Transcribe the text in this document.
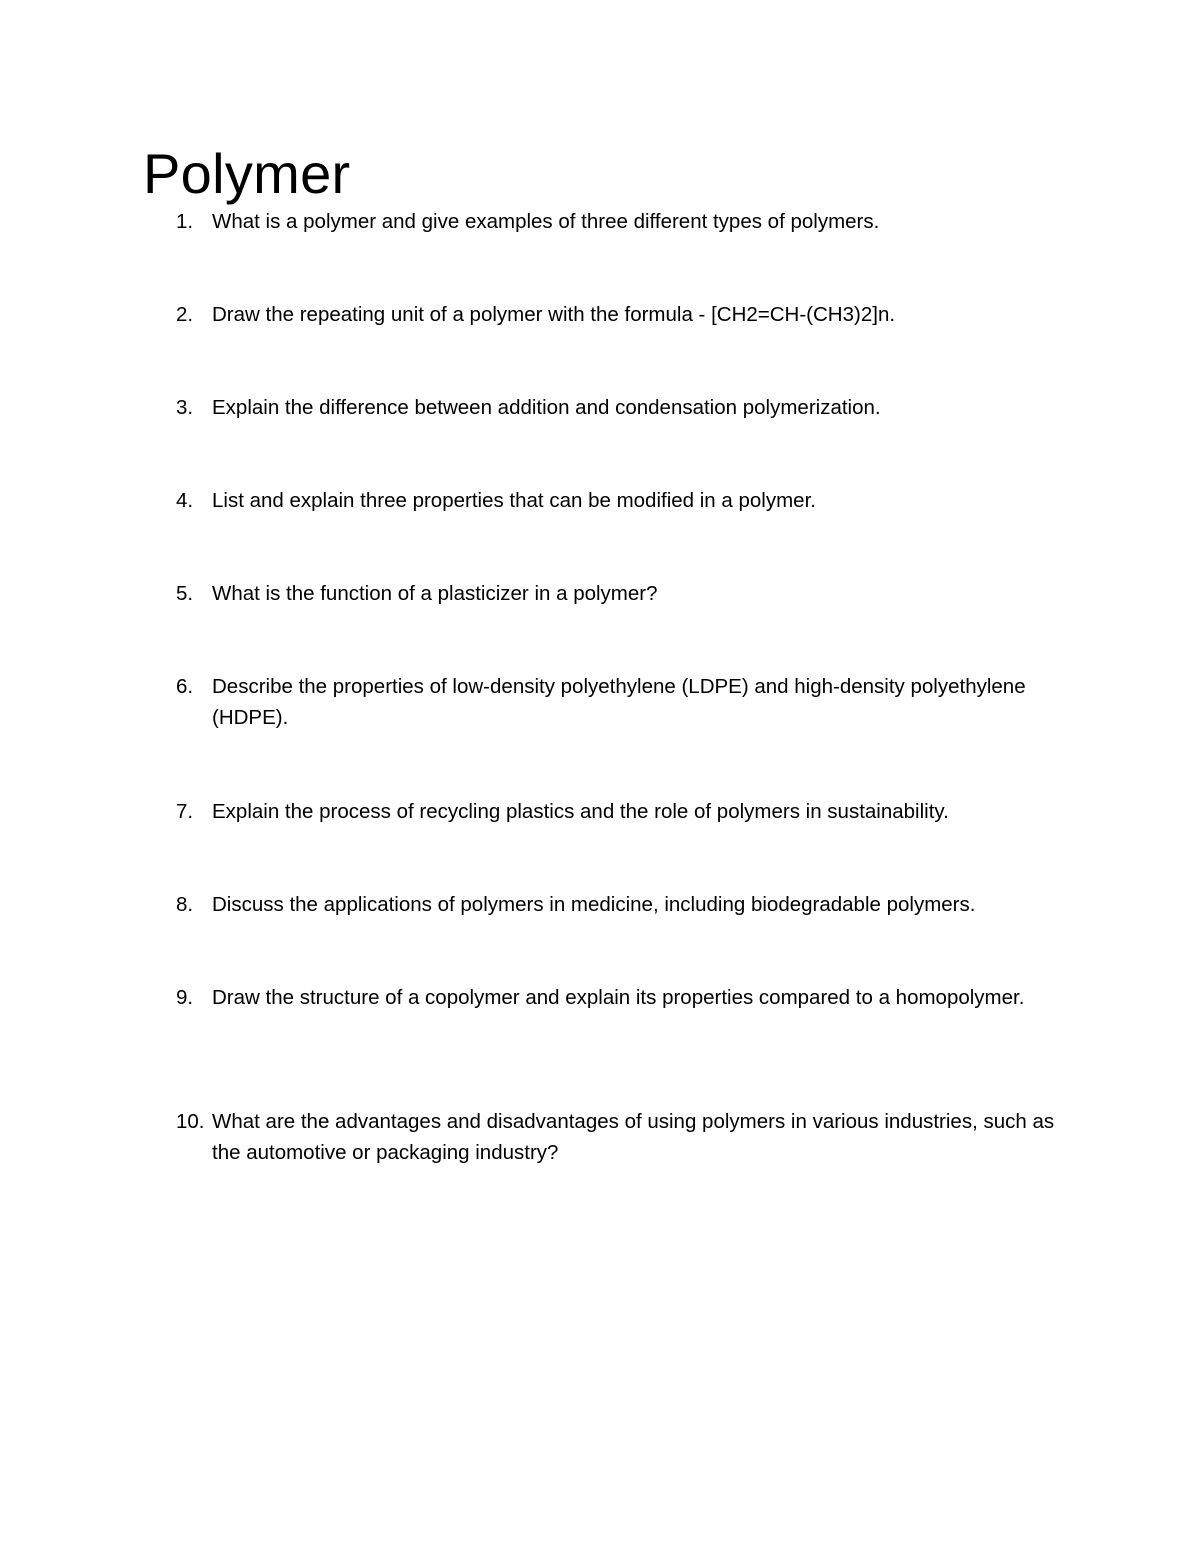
Polymer
1. What is a polymer and give examples of three different types of polymers.
2. Draw the repeating unit of a polymer with the formula - [CH2=CH-(CH3)2]n.
3. Explain the difference between addition and condensation polymerization.
4. List and explain three properties that can be modified in a polymer.
5. What is the function of a plasticizer in a polymer?
6. Describe the properties of low-density polyethylene (LDPE) and high-density polyethylene (HDPE).
7. Explain the process of recycling plastics and the role of polymers in sustainability.
8. Discuss the applications of polymers in medicine, including biodegradable polymers.
9. Draw the structure of a copolymer and explain its properties compared to a homopolymer.
10. What are the advantages and disadvantages of using polymers in various industries, such as the automotive or packaging industry?
